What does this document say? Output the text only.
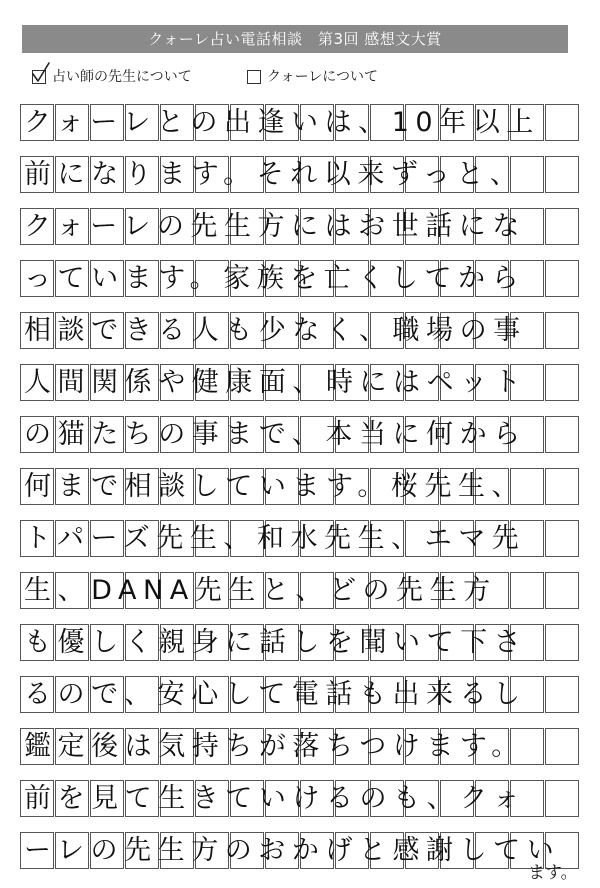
クォーレ占い電話相談　第3回 感想文大賞
占い師の先生について	クォーレについて
クォーレとの出逢いは、10年以上
前になります。それ以来ずっと、
クォーレの先生方にはお世話にな
っています。家族を亡くしてから
相談できる人も少なく、職場の事
人間関係や健康面、時にはペット
の猫たちの事まで、本当に何から
何まで相談しています。桜先生、
トパーズ先生、和水先生、エマ先
生、DANA先生と、どの先生方
も優しく親身に話しを聞いて下さ
るので、安心して電話も出来るし
鑑定後は気持ちが落ちつけます。
前を見て生きていけるのも、クォ
ーレの先生方のおかげと感謝してい
ます。
